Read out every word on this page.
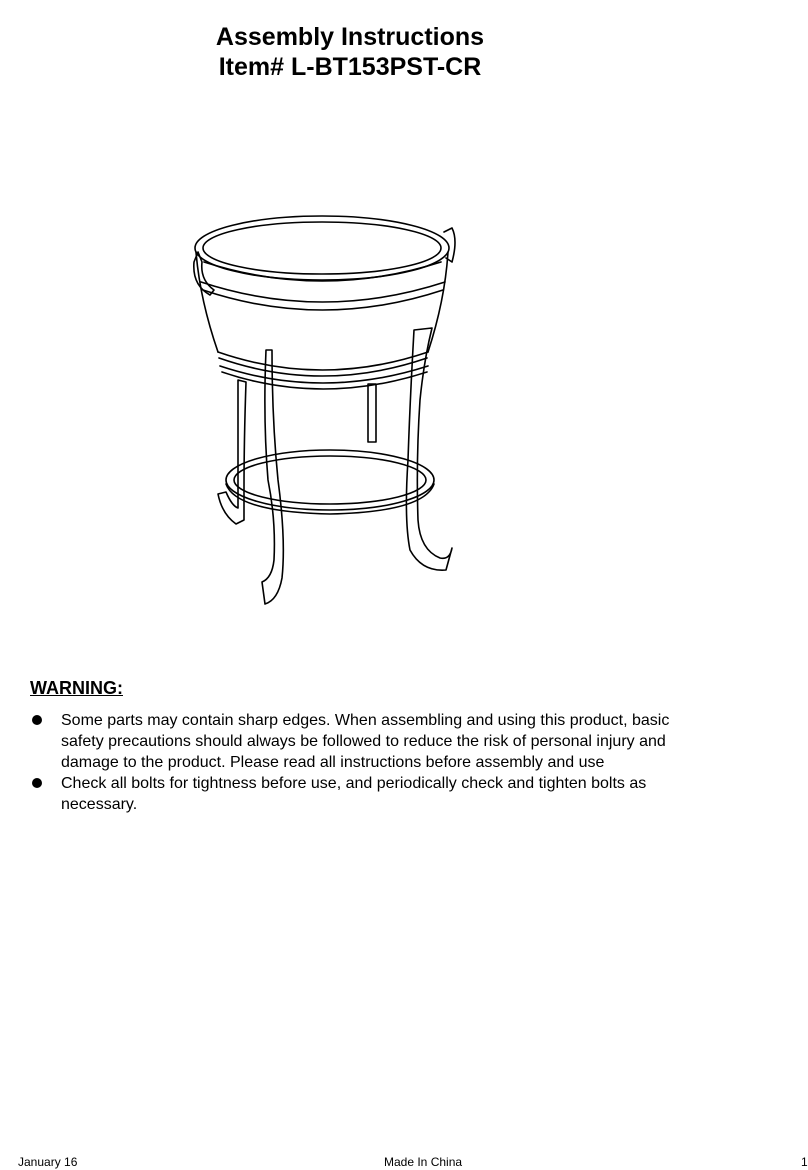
Assembly Instructions
Item# L-BT153PST-CR
WARNING:
Some parts may contain sharp edges. When assembling and using this product, basic safety precautions should always be followed to reduce the risk of personal injury and damage to the product. Please read all instructions before assembly and use
Check all bolts for tightness before use, and periodically check and tighten bolts as necessary.
January 16	Made In China	1
